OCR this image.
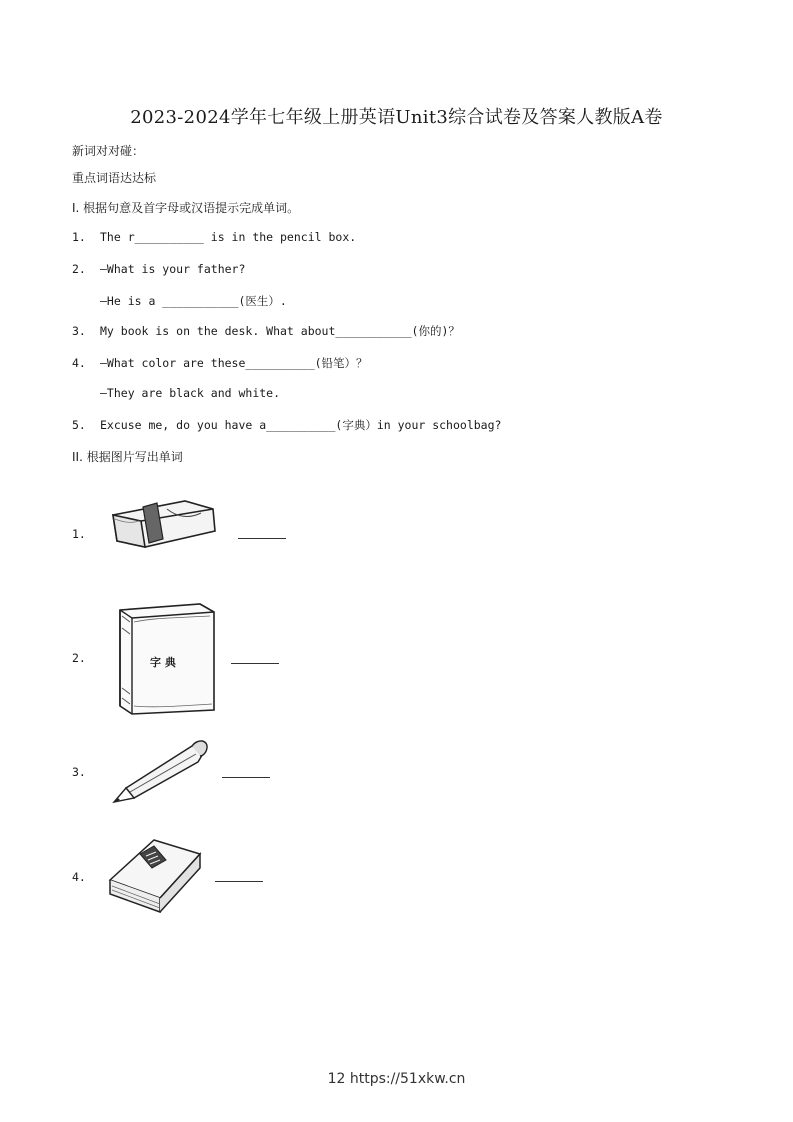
2023-2024学年七年级上册英语Unit3综合试卷及答案人教版A卷
新词对对碰：
重点词语达达标
I. 根据句意及首字母或汉语提示完成单词。
1. The r__________ is in the pencil box.
2. —What is your father?
—He is a ___________(医生）.
3. My book is on the desk. What about___________(你的)？
4. —What color are these__________(铅笔）？
—They are black and white.
5. Excuse me, do you have a__________(字典）in your schoolbag?
II. 根据图片写出单词
1.
2.	字 典
3.
4.
12 https://51xkw.cn
